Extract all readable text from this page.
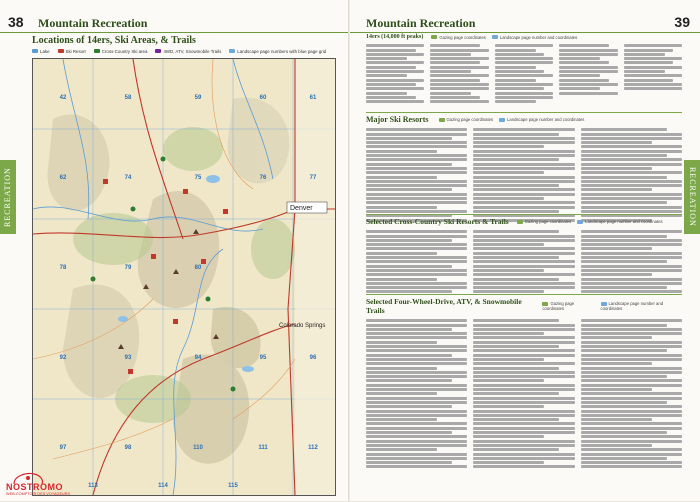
38 Mountain Recreation
Locations of 14ers, Ski Areas, & Trails
Lake	Ski Resort	Cross-Country Ski area	4WD, ATV, Snowmobile Trails	Landscape page numbers with blue page grid
42	58	59	60	61
62	74	75	76	77
78	79	80
92	93	94	95	96
97	98	110	111	112
113	114	115
Denver
Colorado Springs
RECREATION
Mountain Recreation	39
RECREATION
14ers (14,000 ft peaks)	Gazing page coordinates	Landscape page number and coordinates
Major Ski Resorts	Gazing page coordinates	Landscape page number and coordinates
Selected Cross-Country Ski Resorts & Trails	Gazing page coordinates	Landscape page number and coordinates
Selected Four-Wheel-Drive, ATV, & Snowmobile Trails
Gazing page coordinates
Landscape page number and coordinates
NOSTROMO
WEB-COMPTOIR DES VOYAGEURS
